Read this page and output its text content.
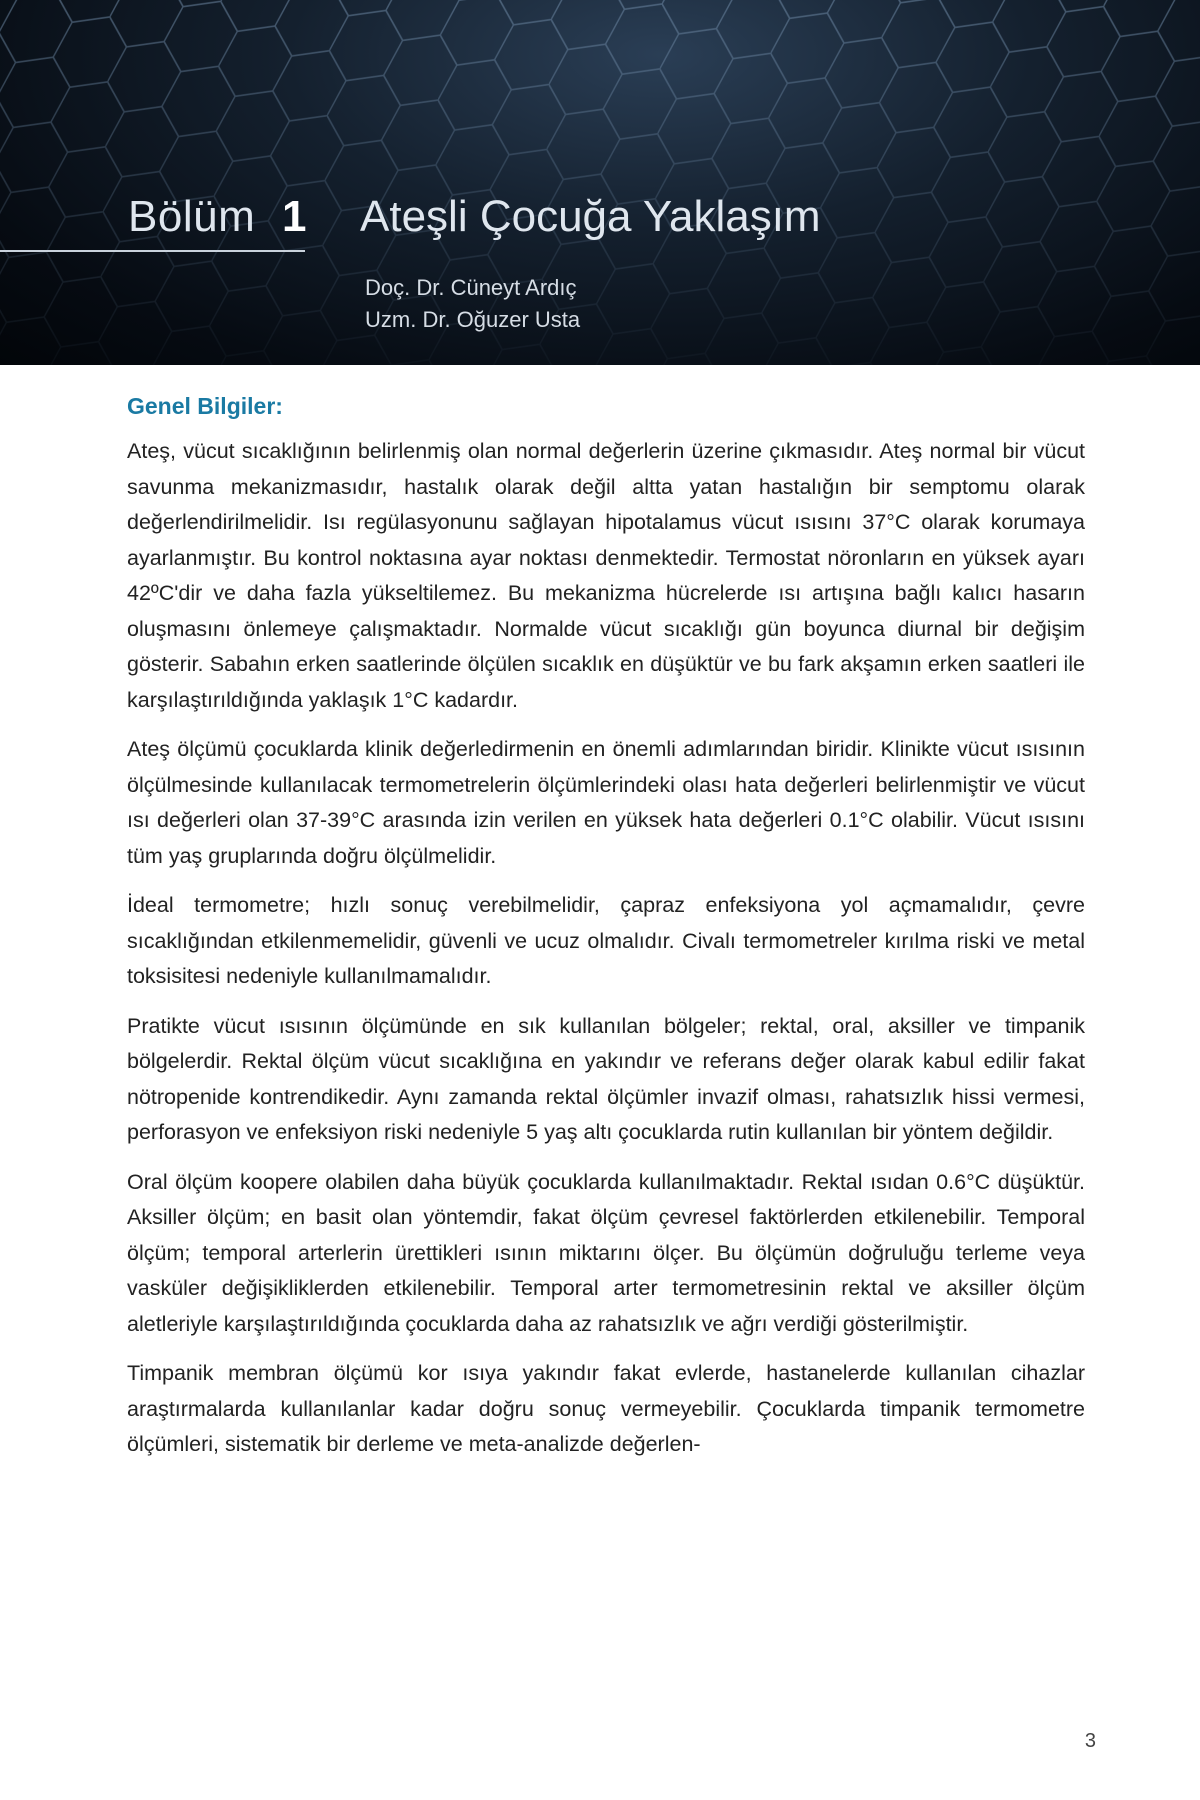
Bölüm 1 Ateşli Çocuğa Yaklaşım
Doç. Dr. Cüneyt Ardıç
Uzm. Dr. Oğuzer Usta
Genel Bilgiler:

Ateş, vücut sıcaklığının belirlenmiş olan normal değerlerin üzerine çıkmasıdır. Ateş normal bir vücut savunma mekanizmasıdır, hastalık olarak değil altta yatan hastalığın bir semptomu olarak değerlendirilmelidir. Isı regülasyonunu sağlayan hipotalamus vücut ısısını 37°C olarak korumaya ayarlanmıştır. Bu kontrol noktasına ayar noktası denmektedir. Termostat nöronların en yüksek ayarı 42ºC'dir ve daha fazla yükseltilemez. Bu mekanizma hücrelerde ısı artışına bağlı kalıcı hasarın oluşmasını önlemeye çalışmaktadır. Normalde vücut sıcaklığı gün boyunca diurnal bir değişim gösterir. Sabahın erken saatlerinde ölçülen sıcaklık en düşüktür ve bu fark akşamın erken saatleri ile karşılaştırıldığında yaklaşık 1°C kadardır.

Ateş ölçümü çocuklarda klinik değerledirmenin en önemli adımlarından biridir. Klinikte vücut ısısının ölçülmesinde kullanılacak termometrelerin ölçümlerindeki olası hata değerleri belirlenmiştir ve vücut ısı değerleri olan 37-39°C arasında izin verilen en yüksek hata değerleri 0.1°C olabilir. Vücut ısısını tüm yaş gruplarında doğru ölçülmelidir.

İdeal termometre; hızlı sonuç verebilmelidir, çapraz enfeksiyona yol açmamalıdır, çevre sıcaklığından etkilenmemelidir, güvenli ve ucuz olmalıdır. Civalı termometreler kırılma riski ve metal toksisitesi nedeniyle kullanılmamalıdır.

Pratikte vücut ısısının ölçümünde en sık kullanılan bölgeler; rektal, oral, aksiller ve timpanik bölgelerdir. Rektal ölçüm vücut sıcaklığına en yakındır ve referans değer olarak kabul edilir fakat nötropenide kontrendikedir. Aynı zamanda rektal ölçümler invazif olması, rahatsızlık hissi vermesi, perforasyon ve enfeksiyon riski nedeniyle 5 yaş altı çocuklarda rutin kullanılan bir yöntem değildir.

Oral ölçüm koopere olabilen daha büyük çocuklarda kullanılmaktadır. Rektal ısıdan 0.6°C düşüktür. Aksiller ölçüm; en basit olan yöntemdir, fakat ölçüm çevresel faktörlerden etkilenebilir. Temporal ölçüm; temporal arterlerin ürettikleri ısının miktarını ölçer. Bu ölçümün doğruluğu terleme veya vasküler değişikliklerden etkilenebilir. Temporal arter termometresinin rektal ve aksiller ölçüm aletleriyle karşılaştırıldığında çocuklarda daha az rahatsızlık ve ağrı verdiği gösterilmiştir.

Timpanik membran ölçümü kor ısıya yakındır fakat evlerde, hastanelerde kullanılan cihazlar araştırmalarda kullanılanlar kadar doğru sonuç vermeyebilir. Çocuklarda timpanik termometre ölçümleri, sistematik bir derleme ve meta-analizde değerlen-

3
